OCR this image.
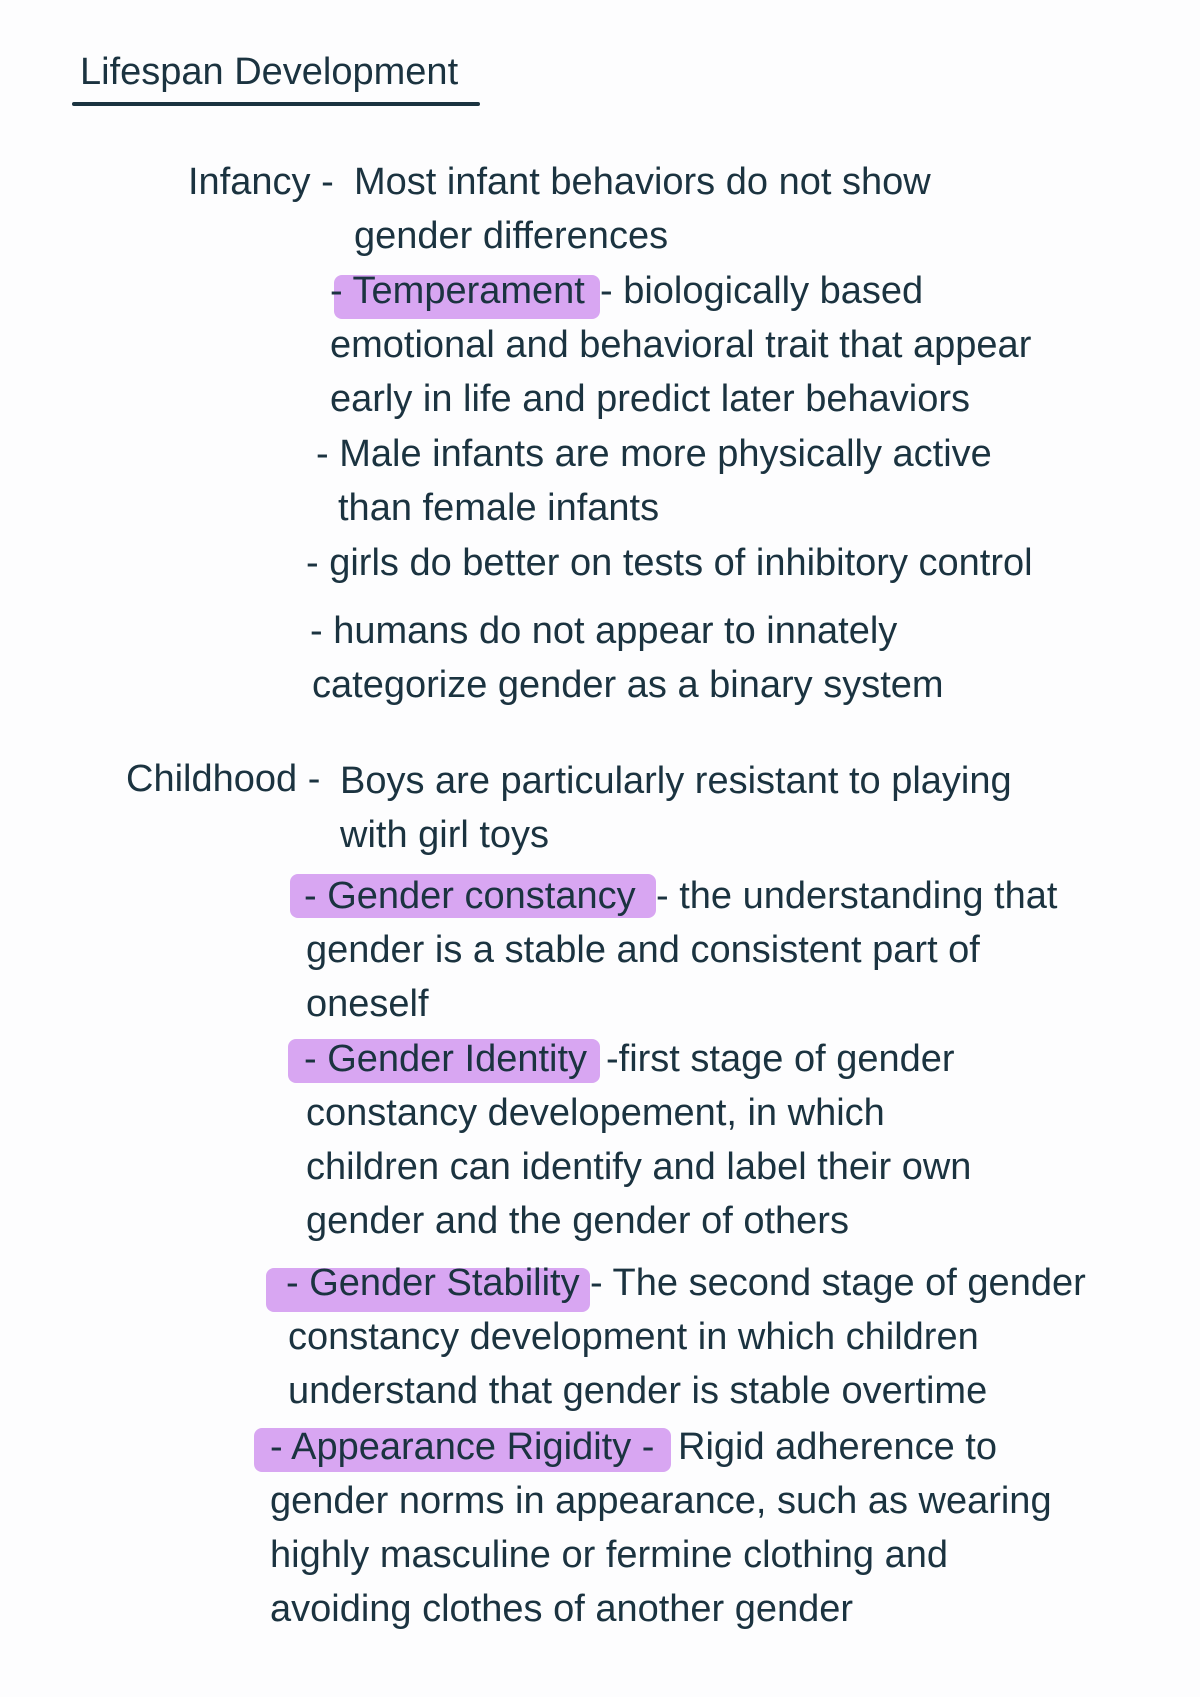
Lifespan Development
Infancy - Most infant behaviors do not show
gender differences
- Temperament - biologically based
emotional and behavioral trait that appear
early in life and predict later behaviors
- Male infants are more physically active
than female infants
- girls do better on tests of inhibitory control
- humans do not appear to innately
categorize gender as a binary system
Childhood - Boys are particularly resistant to playing
with girl toys
- Gender constancy - the understanding that
gender is a stable and consistent part of
oneself
- Gender Identity -first stage of gender
constancy developement, in which
children can identify and label their own
gender and the gender of others
- Gender Stability - The second stage of gender
constancy development in which children
understand that gender is stable overtime
- Appearance Rigidity - Rigid adherence to
gender norms in appearance, such as wearing
highly masculine or fermine clothing and
avoiding clothes of another gender
